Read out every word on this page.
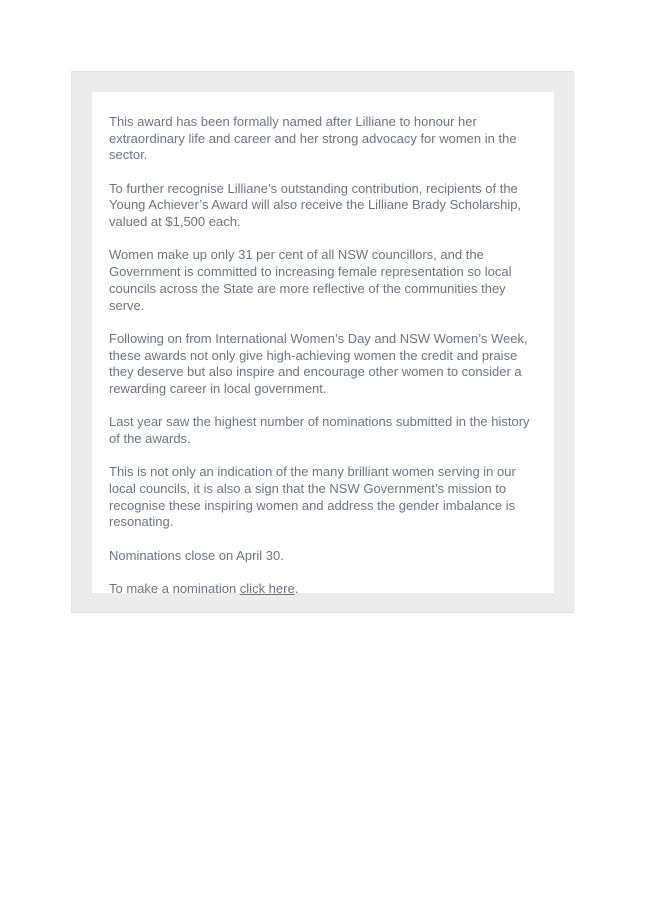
This award has been formally named after Lilliane to honour her extraordinary life and career and her strong advocacy for women in the sector.

To further recognise Lilliane’s outstanding contribution, recipients of the Young Achiever’s Award will also receive the Lilliane Brady Scholarship, valued at $1,500 each.

Women make up only 31 per cent of all NSW councillors, and the Government is committed to increasing female representation so local councils across the State are more reflective of the communities they serve.

Following on from International Women’s Day and NSW Women’s Week, these awards not only give high-achieving women the credit and praise they deserve but also inspire and encourage other women to consider a rewarding career in local government.

Last year saw the highest number of nominations submitted in the history of the awards.

This is not only an indication of the many brilliant women serving in our local councils, it is also a sign that the NSW Government’s mission to recognise these inspiring women and address the gender imbalance is resonating.

Nominations close on April 30.

To make a nomination click here.
